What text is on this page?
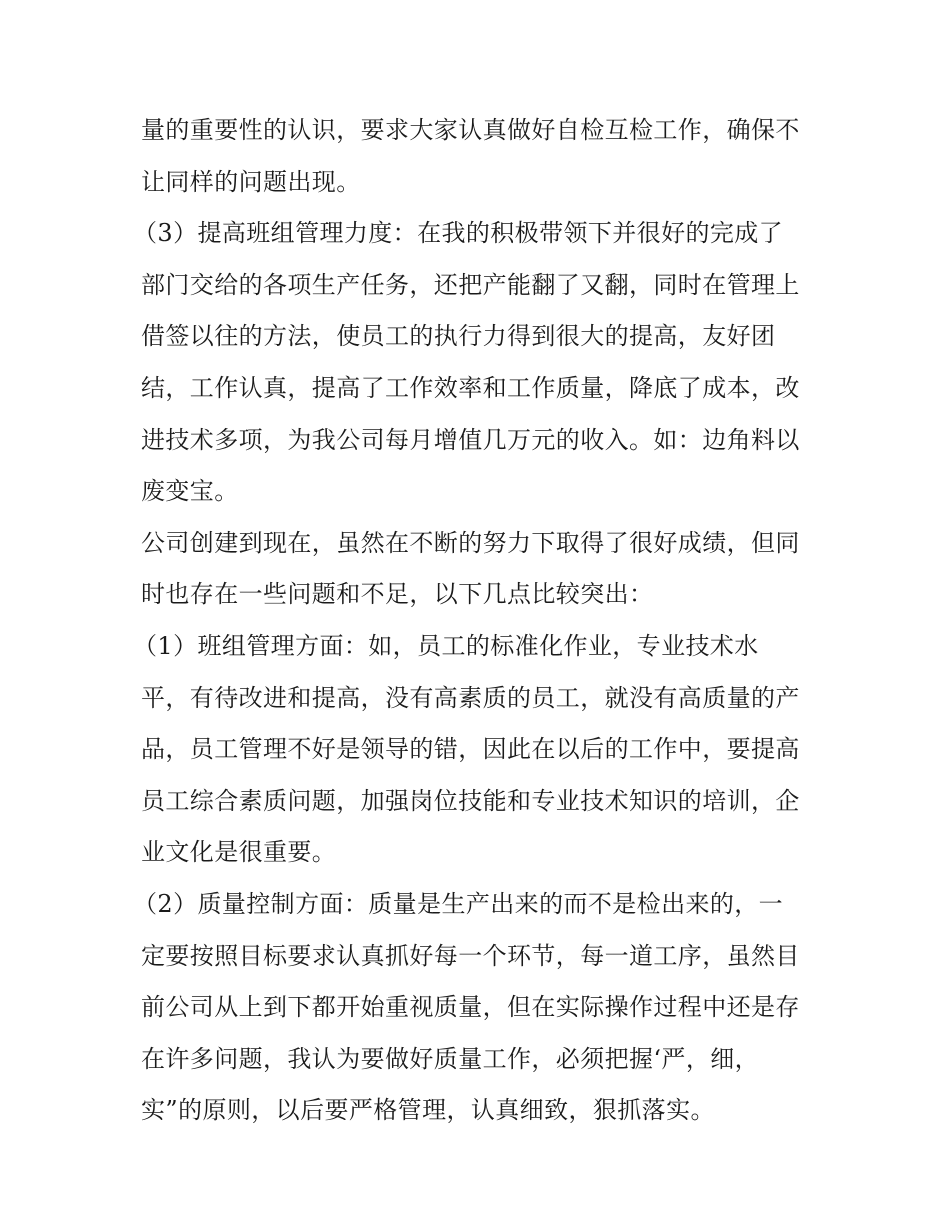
量的重要性的认识，要求大家认真做好自检互检工作，确保不
让同样的问题出现。
（3）提高班组管理力度：在我的积极带领下并很好的完成了
部门交给的各项生产任务，还把产能翻了又翻，同时在管理上
借签以往的方法，使员工的执行力得到很大的提高，友好团
结，工作认真，提高了工作效率和工作质量，降底了成本，改
进技术多项，为我公司每月增值几万元的收入。如：边角料以
废变宝。
公司创建到现在，虽然在不断的努力下取得了很好成绩，但同
时也存在一些问题和不足，以下几点比较突出：
（1）班组管理方面：如，员工的标准化作业，专业技术水
平，有待改进和提高，没有高素质的员工，就没有高质量的产
品，员工管理不好是领导的错，因此在以后的工作中，要提高
员工综合素质问题，加强岗位技能和专业技术知识的培训，企
业文化是很重要。
（2）质量控制方面：质量是生产出来的而不是检出来的，一
定要按照目标要求认真抓好每一个环节，每一道工序，虽然目
前公司从上到下都开始重视质量，但在实际操作过程中还是存
在许多问题，我认为要做好质量工作，必须把握‘严，细，
实”的原则，以后要严格管理，认真细致，狠抓落实。
